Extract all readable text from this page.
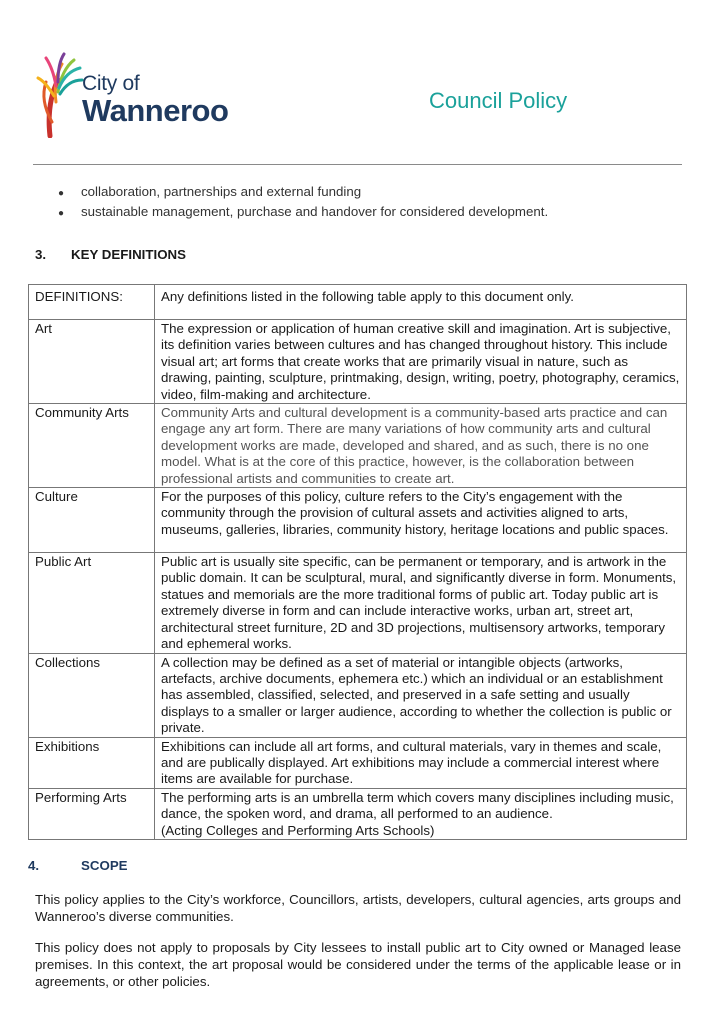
City of
Wanneroo	Council Policy
● collaboration, partnerships and external funding
● sustainable management, purchase and handover for considered development.
3. KEY DEFINITIONS
DEFINITIONS:	Any definitions listed in the following table apply to this document only.
Art	The expression or application of human creative skill and imagination. Art is subjective, its definition varies between cultures and has changed throughout history. This include visual art; art forms that create works that are primarily visual in nature, such as drawing, painting, sculpture, printmaking, design, writing, poetry, photography, ceramics, video, film-making and architecture.
Community Arts	Community Arts and cultural development is a community-based arts practice and can engage any art form. There are many variations of how community arts and cultural development works are made, developed and shared, and as such, there is no one model. What is at the core of this practice, however, is the collaboration between professional artists and communities to create art.
Culture	For the purposes of this policy, culture refers to the City’s engagement with the community through the provision of cultural assets and activities aligned to arts, museums, galleries, libraries, community history, heritage locations and public spaces.
Public Art	Public art is usually site specific, can be permanent or temporary, and is artwork in the public domain. It can be sculptural, mural, and significantly diverse in form. Monuments, statues and memorials are the more traditional forms of public art. Today public art is extremely diverse in form and can include interactive works, urban art, street art, architectural street furniture, 2D and 3D projections, multisensory artworks, temporary and ephemeral works.
Collections	A collection may be defined as a set of material or intangible objects (artworks, artefacts, archive documents, ephemera etc.) which an individual or an establishment has assembled, classified, selected, and preserved in a safe setting and usually displays to a smaller or larger audience, according to whether the collection is public or private.
Exhibitions	Exhibitions can include all art forms, and cultural materials, vary in themes and scale, and are publically displayed. Art exhibitions may include a commercial interest where items are available for purchase.
Performing Arts	The performing arts is an umbrella term which covers many disciplines including music, dance, the spoken word, and drama, all performed to an audience.
(Acting Colleges and Performing Arts Schools)
4.	SCOPE
This policy applies to the City’s workforce, Councillors, artists, developers, cultural agencies, arts groups and Wanneroo’s diverse communities.
This policy does not apply to proposals by City lessees to install public art to City owned or Managed lease premises. In this context, the art proposal would be considered under the terms of the applicable lease or in agreements, or other policies.
